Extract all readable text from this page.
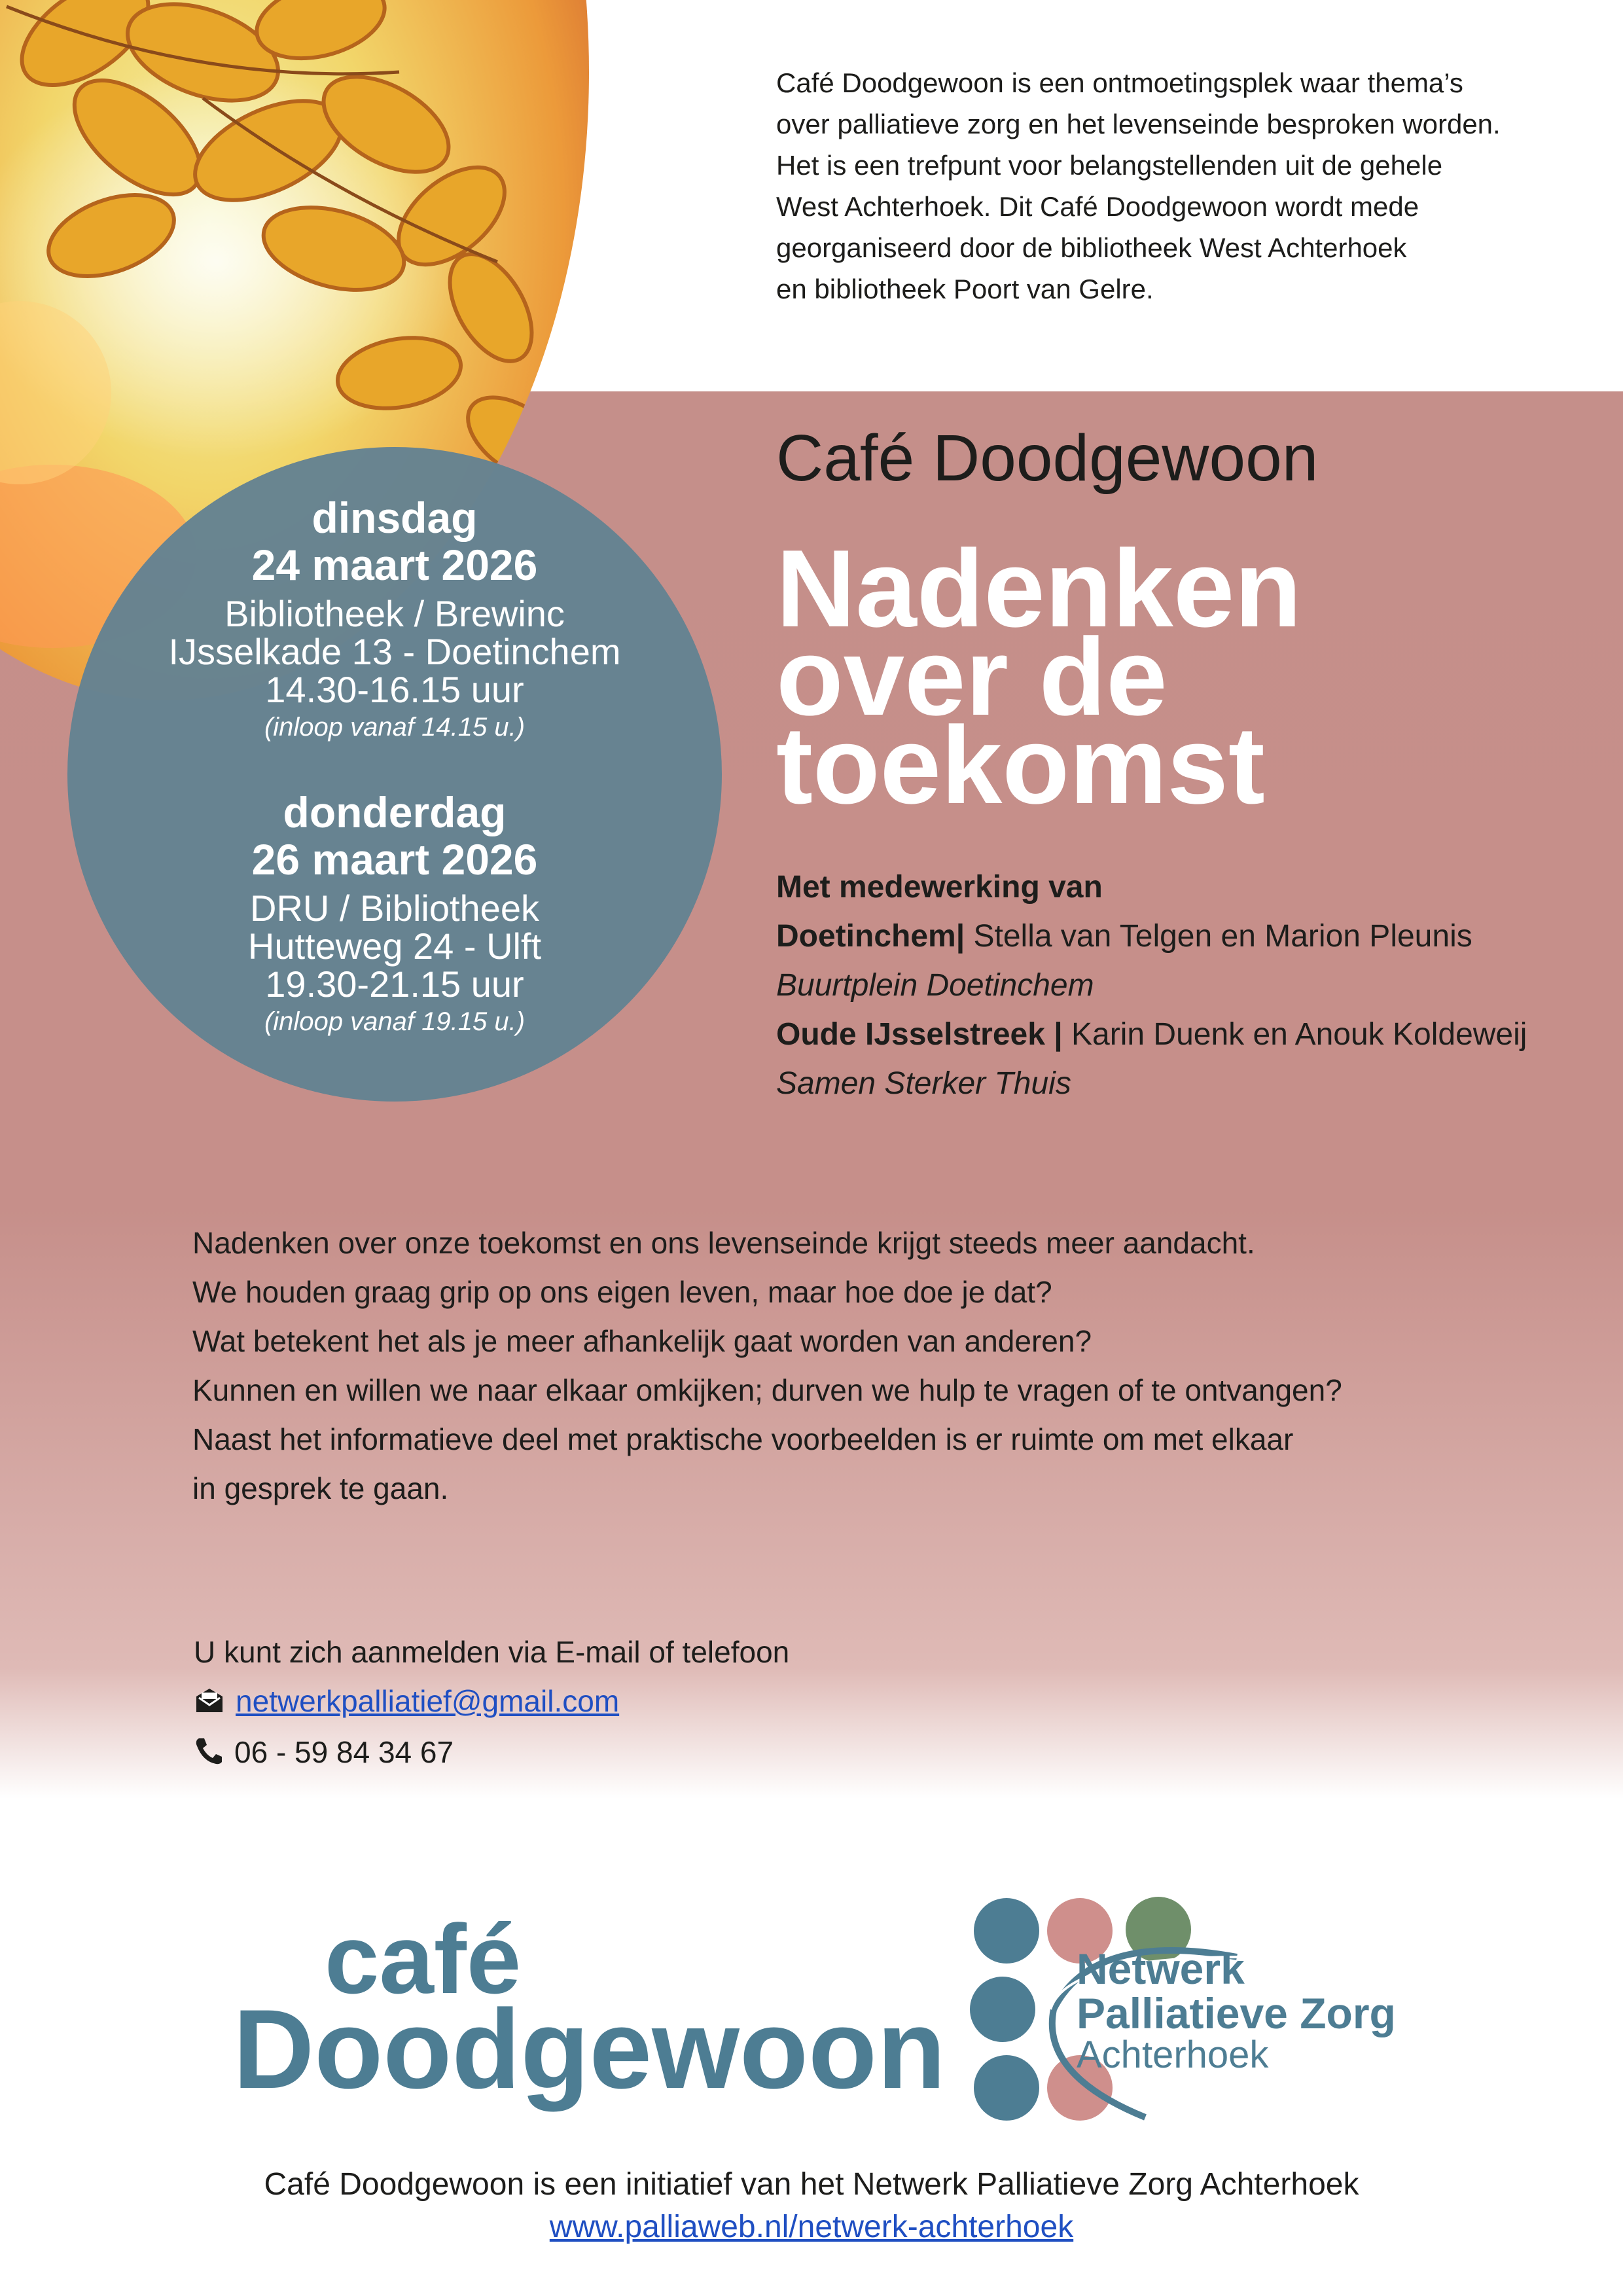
Café Doodgewoon is een ontmoetingsplek waar thema’s
over palliatieve zorg en het levenseinde besproken worden.
Het is een trefpunt voor belangstellenden uit de gehele
West Achterhoek. Dit Café Doodgewoon wordt mede
georganiseerd door de bibliotheek West Achterhoek
en bibliotheek Poort van Gelre.
dinsdag
24 maart 2026
Bibliotheek / Brewinc
IJsselkade 13 - Doetinchem
14.30-16.15 uur
(inloop vanaf 14.15 u.)
donderdag
26 maart 2026
DRU / Bibliotheek
Hutteweg 24 - Ulft
19.30-21.15 uur
(inloop vanaf 19.15 u.)
Café Doodgewoon
Nadenken
over de
toekomst
Met medewerking van
Doetinchem| Stella van Telgen en Marion Pleunis
Buurtplein Doetinchem
Oude IJsselstreek | Karin Duenk en Anouk Koldeweij
Samen Sterker Thuis
Nadenken over onze toekomst en ons levenseinde krijgt steeds meer aandacht.
We houden graag grip op ons eigen leven, maar hoe doe je dat?
Wat betekent het als je meer afhankelijk gaat worden van anderen?
Kunnen en willen we naar elkaar omkijken; durven we hulp te vragen of te ontvangen?
Naast het informatieve deel met praktische voorbeelden is er ruimte om met elkaar
in gesprek te gaan.
U kunt zich aanmelden via E-mail of telefoon
netwerkpalliatief@gmail.com
06 - 59 84 34 67
café
Doodgewoon
Netwerk
Palliatieve Zorg
Achterhoek
Café Doodgewoon is een initiatief van het Netwerk Palliatieve Zorg Achterhoek
www.palliaweb.nl/netwerk-achterhoek
